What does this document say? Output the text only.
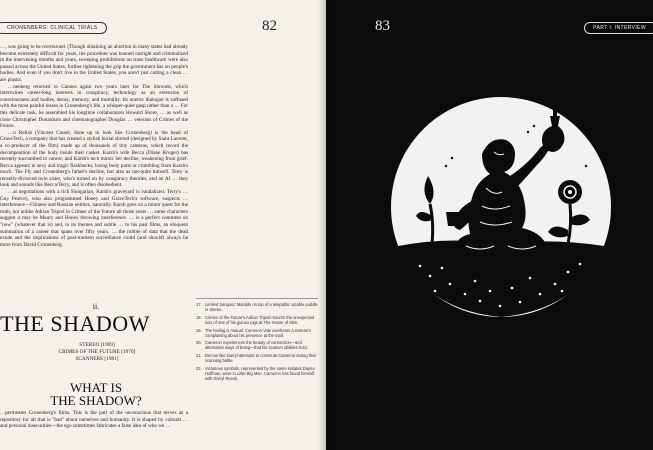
CRONENBERG: CLINICAL TRIALS	82

…, was going to be overturned. (Though obtaining an abortion in many states had already become extremely difficult for years, the procedure was banned outright and criminalized in the intervening months and years, sweeping prohibitions on trans healthcare were also passed across the United States, further tightening the grip the government has on people's bodies. And even if you don't live in the United States, you aren't just cutting a clean …are plastic.

…nenberg returned to Cannes again two years later for The Shrouds, which intertwines career-long interests in conspiracy, technology as an extension of consciousness and bodies, decay, memory, and mortality. Its oneiric dialogue is suffused with the most painful losses in Cronenberg's life, a whisper-quiet gasp rather than a … For this delicate task, he assembled his longtime collaborators Howard Shore, … as well as close Christopher Donaldson and cinematographer Douglas … veterans of Crimes of the Future.

…n Relish (Vincent Cassel, done up to look like Cronenberg) is the head of GraveTech, a company that has created a stylish burial shroud (designed by Saint Laurent, a co-producer of the film) made up of thousands of tiny cameras, which record the decomposition of the body inside their casket. Karsh's wife Becca (Diane Kruger) has recently succumbed to cancer, and Karsh's tech mimic her decline, weakening from grief. Becca appears in sexy and tragic flashbacks, losing body parts or crumbling from Karsh's touch. The Fly and Cronenberg's father's decline, but also as not-quite himself. Terry is recently-divorced twin sister, who's turned on by conspiracy theories, and an AI … they look and sounds like Becca/Terry, and is often disobedient.

…at negotiations with a rich Hungarian, Karsh's graveyard is vandalized. Terry's … Guy Pearce), who also programmed Honey and GraveTech's software, suspects … interference—Chinese and Russian entities, naturally. Karsh goes on a minor quest for the truth, not unlike Adrian Tripod in Crimes of the Future all those years … some characters suggest it may be Maury and Honey throwing interference. … is a perfect comment on "now" (whatever that is) and, in its themes and subtle … to his past films, an eloquent summation of a career that spans over fifty years. … the rubble of data that the dead exude and the implications of post-mortem surveillance could (and should) always be more from David Cronenberg.

ii.
THE SHADOW
STEREO [1969]
CRIMES OF THE FUTURE [1970]
SCANNERS [1981]
WHAT IS
THE SHADOW?

…permeates Cronenberg's films. This is the part of the unconscious that serves as a repository for all that is "bad" about ourselves and humanity. It is shaped by cultural … and personal insecurities—the ego sometimes fabricates a false idea of who we …

17. Limited Sangout: Mantids on top of a telepathic sizable puddle in Stereo.
18. Crimes of the Future's Adrian Tripod mourns the unexpected loss of one of his guinea pigs at The House of Skin.
19. The feeling is mutual: Cameron Vale overhears a woman's complaining about his presence at the mall.
20. Cameron experiences the beauty of connection—and alternative ways of being—that his scanner abilities hold.
21. Demon-like Darryl attempts to commute Cameron during their scanning battle.
22. Victorious symbols, represented by the same initiates Dayna Hoffman, were in Little Big Man. Cameron has found himself with Darryl Revok.
83	PART I: INTERVIEW
